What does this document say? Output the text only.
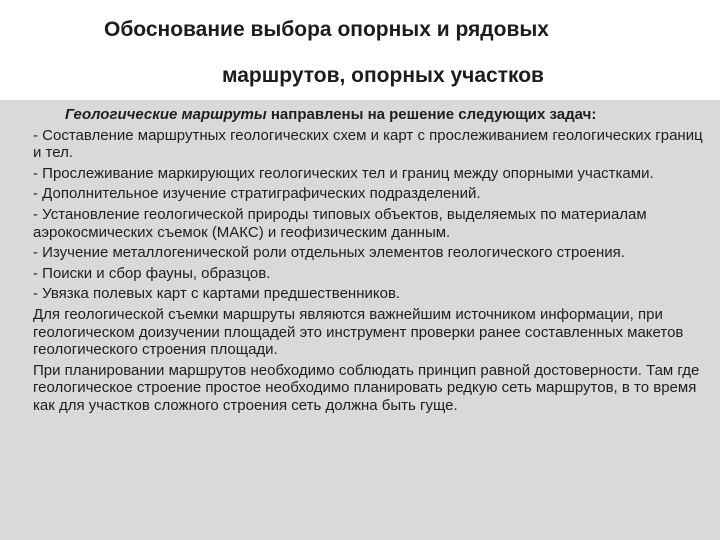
Обоснование выбора опорных и рядовых
маршрутов, опорных участков

Геологические маршруты направлены на решение следующих задач:

- Составление маршрутных геологических схем и карт с прослеживанием геологических границ и тел.

- Прослеживание маркирующих геологических тел и границ между опорными участками.

- Дополнительное изучение стратиграфических подразделений.

- Установление геологической природы типовых объектов, выделяемых по материалам аэрокосмических съемок (МАКС) и геофизическим данным.

- Изучение металлогенической роли отдельных элементов геологического строения.

- Поиски и сбор фауны, образцов.

- Увязка полевых карт с картами предшественников.

Для геологической съемки маршруты являются важнейшим источником информации, при геологическом доизучении площадей это инструмент проверки ранее составленных макетов геологического строения площади.

При планировании маршрутов необходимо соблюдать принцип равной достоверности. Там где геологическое строение простое необходимо планировать редкую сеть маршрутов, в то время как для участков сложного строения сеть должна быть гуще.
